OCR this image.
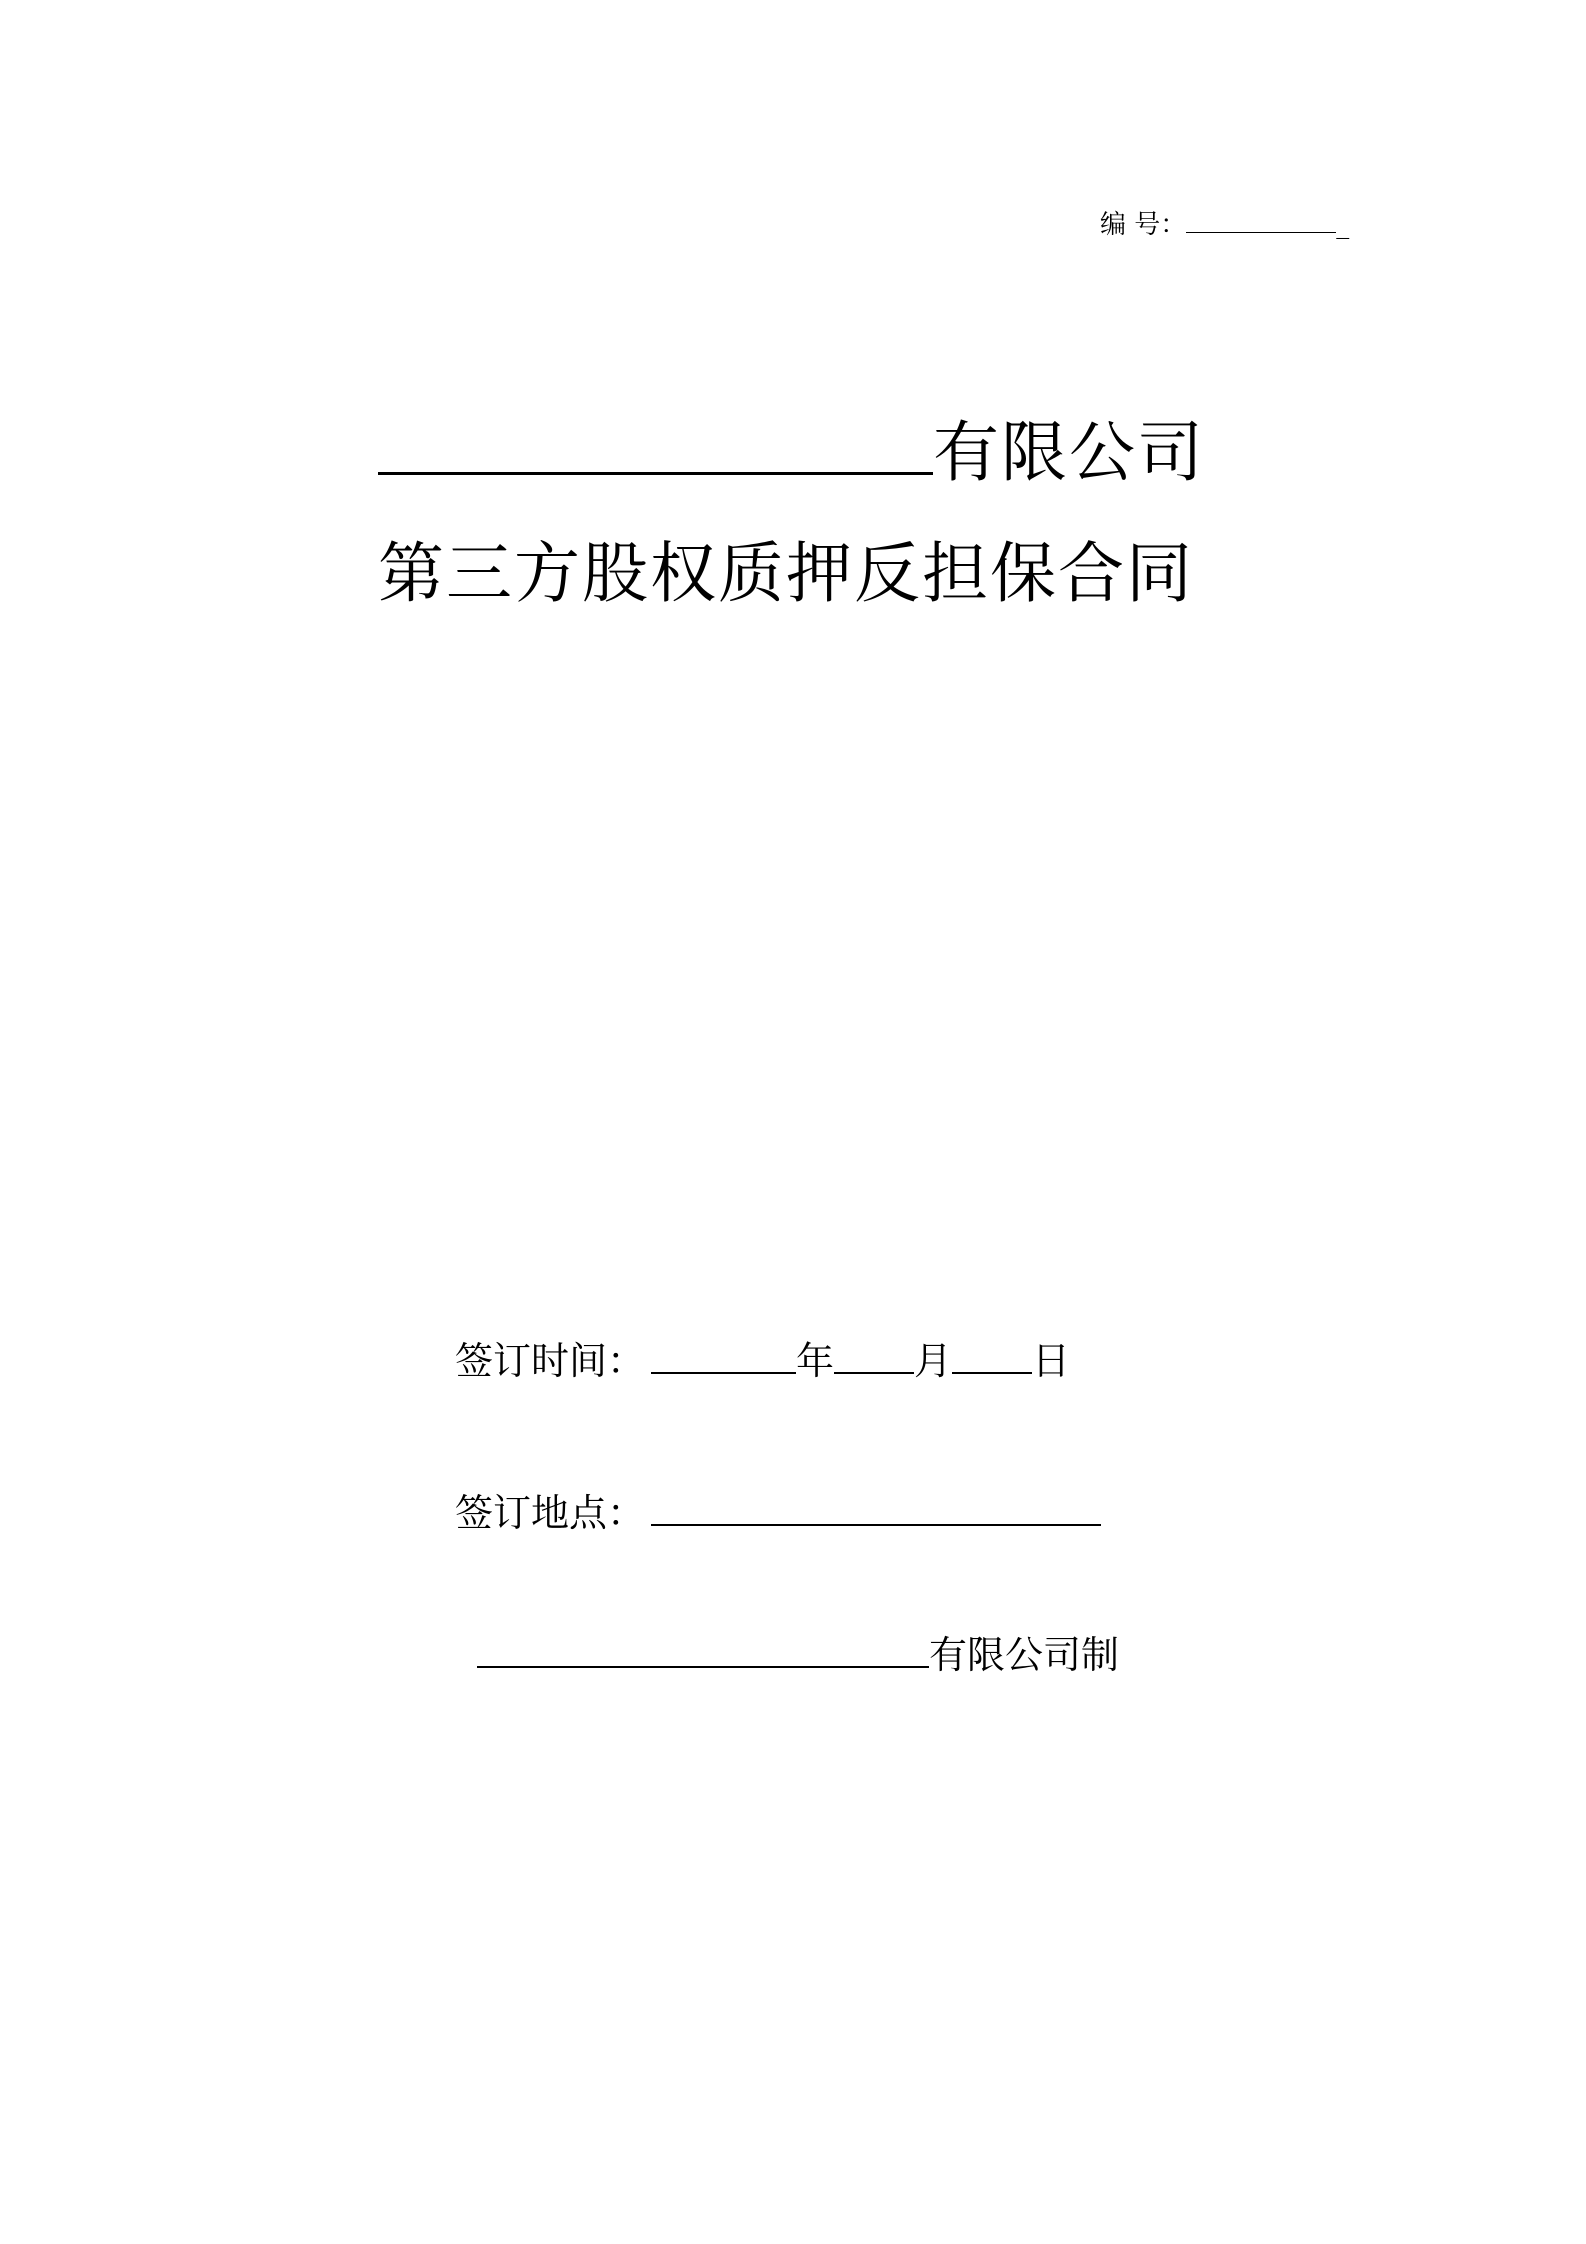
编 号：	_
有限公司
第三方股权质押反担保合同
签订时间：	年 月 日
签订地点：
有限公司制
